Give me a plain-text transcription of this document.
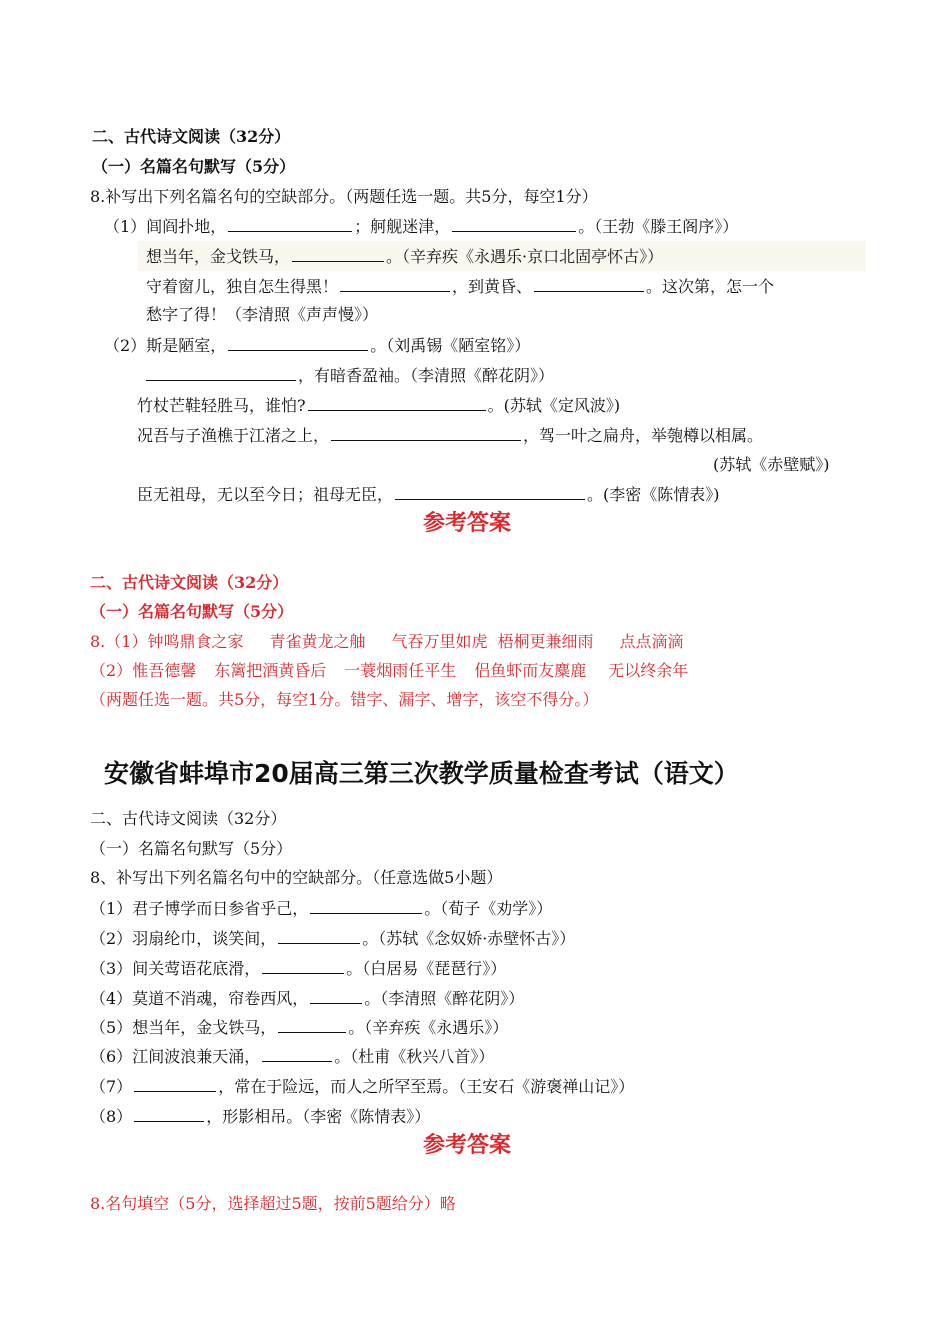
二、古代诗文阅读（32分）
（一）名篇名句默写（5分）
8.补写出下列名篇名句的空缺部分。（两题任选一题。共5分，每空1分）
（1）闾阎扑地，	；舸舰迷津，	。（王勃《滕王阁序》）
想当年，金戈铁马，	。（辛弃疾《永遇乐·京口北固亭怀古》）
守着窗儿，独自怎生得黑！	，到黄昏、	。这次第，怎一个
愁字了得！（李清照《声声慢》）
（2）斯是陋室，	。（刘禹锡《陋室铭》）
，有暗香盈袖。（李清照《醉花阴》）
竹杖芒鞋轻胜马，谁怕?	。(苏轼《定风波》)
况吾与子渔樵于江渚之上，	，驾一叶之扁舟，举匏樽以相属。
(苏轼《赤壁赋》)
臣无祖母，无以至今日；祖母无臣，	。(李密《陈情表》)
参考答案
二、古代诗文阅读（32分）
（一）名篇名句默写（5分）
8.（1）钟鸣鼎食之家 青雀黄龙之舳 气吞万里如虎 梧桐更兼细雨 点点滴滴
（2）惟吾德馨 东篱把酒黄昏后 一蓑烟雨任平生 侣鱼虾而友麋鹿 无以终余年
（两题任选一题。共5分，每空1分。错字、漏字、增字，该空不得分。）
安徽省蚌埠市20届高三第三次教学质量检查考试（语文）
二、古代诗文阅读（32分）
（一）名篇名句默写（5分）
8、补写出下列名篇名句中的空缺部分。（任意选做5小题）
（1）君子博学而日参省乎己，	。（荀子《劝学》）
（2）羽扇纶巾，谈笑间，	。（苏轼《念奴娇·赤壁怀古》）
（3）间关莺语花底滑，	。（白居易《琵琶行》）
（4）莫道不消魂，帘卷西风，	。（李清照《醉花阴》）
（5）想当年，金戈铁马，	。（辛弃疾《永遇乐》）
（6）江间波浪兼天涌，	。（杜甫《秋兴八首》）
（7）	，常在于险远，而人之所罕至焉。（王安石《游褒禅山记》）
（8）	，形影相吊。（李密《陈情表》）
参考答案
8.名句填空（5分，选择超过5题，按前5题给分）略
